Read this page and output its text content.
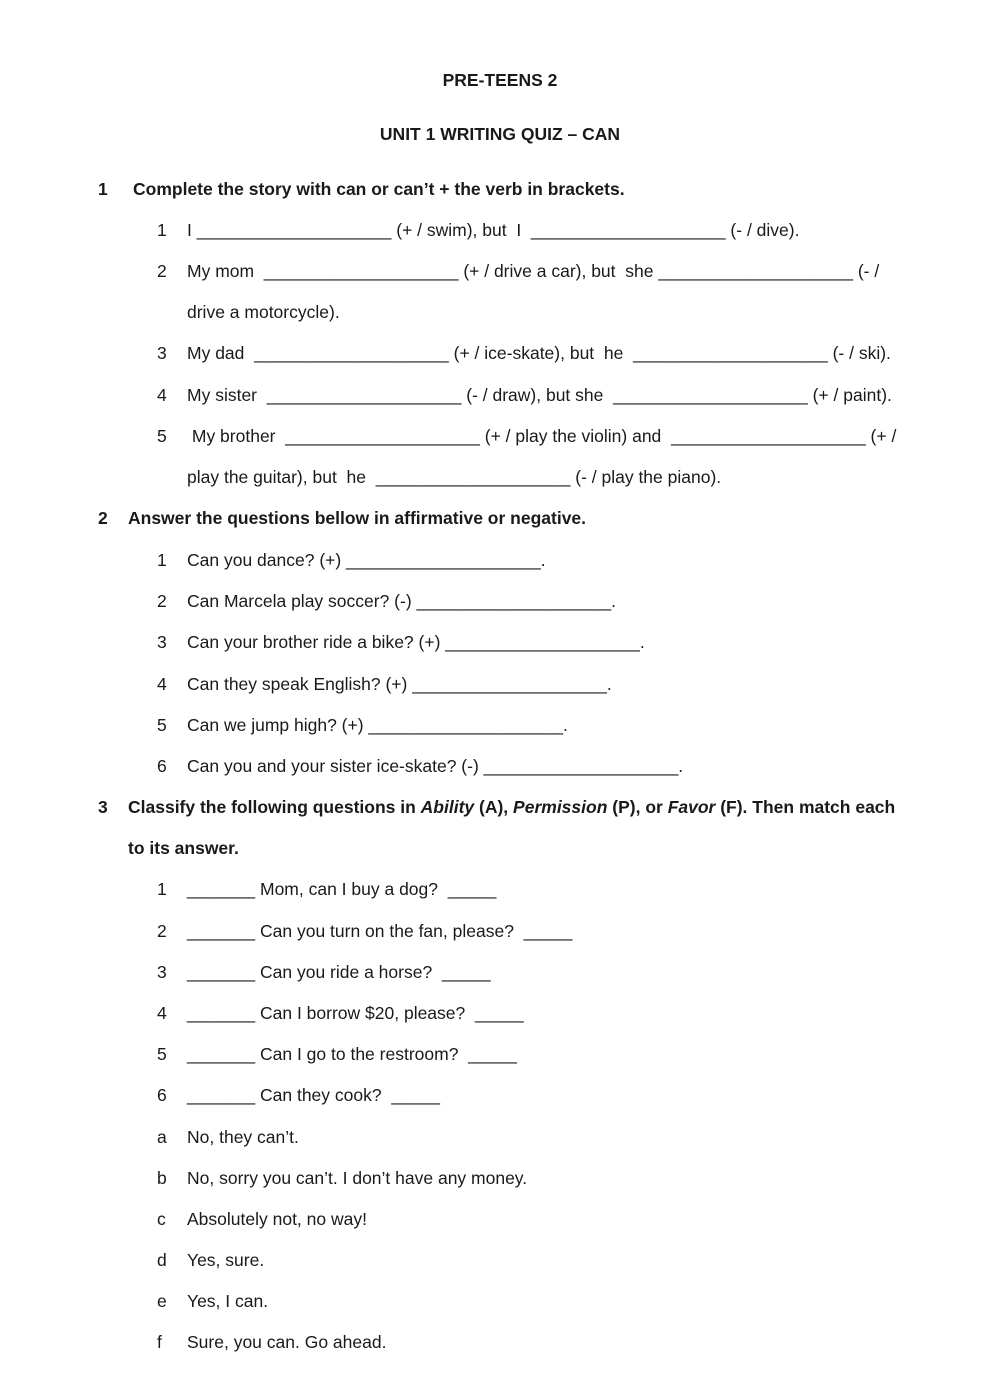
PRE-TEENS 2
UNIT 1 WRITING QUIZ – CAN
1 Complete the story with can or can’t + the verb in brackets.
1 I ____________________ (+ / swim), but  I  ____________________ (- / dive).
2 My mom  ____________________ (+ / drive a car), but  she ____________________ (- /
drive a motorcycle).
3 My dad  ____________________ (+ / ice-skate), but  he  ____________________ (- / ski).
4 My sister  ____________________ (- / draw), but she  ____________________ (+ / paint).
5 My brother  ____________________ (+ / play the violin) and  ____________________ (+ /
play the guitar), but  he  ____________________ (- / play the piano).
2 Answer the questions bellow in affirmative or negative.
1 Can you dance? (+) ____________________.
2 Can Marcela play soccer? (-) ____________________.
3 Can your brother ride a bike? (+) ____________________.
4 Can they speak English? (+) ____________________.
5 Can we jump high? (+) ____________________.
6 Can you and your sister ice-skate? (-) ____________________.
3 Classify the following questions in Ability (A), Permission (P), or Favor (F). Then match each
to its answer.
1 _______ Mom, can I buy a dog?  _____
2 _______ Can you turn on the fan, please?  _____
3 _______ Can you ride a horse?  _____
4 _______ Can I borrow $20, please?  _____
5 _______ Can I go to the restroom?  _____
6 _______ Can they cook?  _____
a No, they can’t.
b No, sorry you can’t. I don’t have any money.
c Absolutely not, no way!
d Yes, sure.
e Yes, I can.
f Sure, you can. Go ahead.
